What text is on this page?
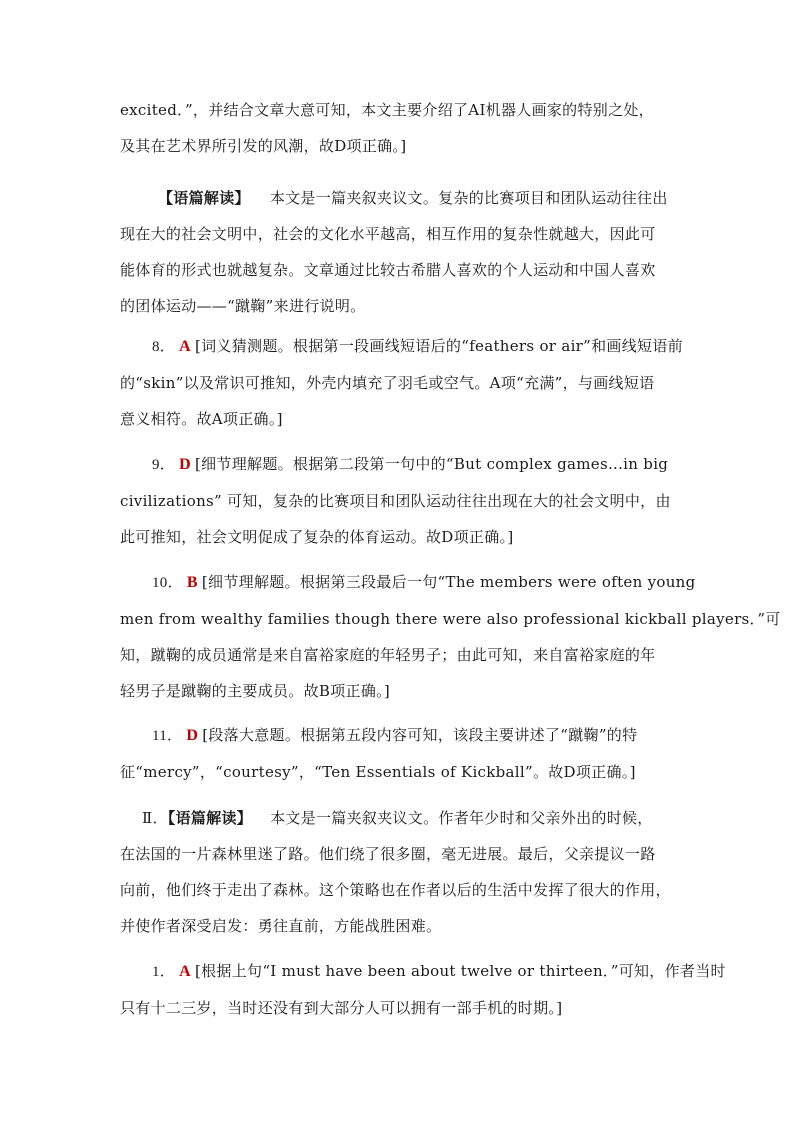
excited．”，并结合文章大意可知，本文主要介绍了AI机器人画家的特别之处，
及其在艺术界所引发的风潮，故D项正确。]
【语篇解读】 本文是一篇夹叙夹议文。复杂的比赛项目和团队运动往往出
现在大的社会文明中，社会的文化水平越高，相互作用的复杂性就越大，因此可
能体育的形式也就越复杂。文章通过比较古希腊人喜欢的个人运动和中国人喜欢
的团体运动——“蹴鞠”来进行说明。
8． A [词义猜测题。根据第一段画线短语后的“feathers or air”和画线短语前
的“skin”以及常识可推知，外壳内填充了羽毛或空气。A项“充满”，与画线短语
意义相符。故A项正确。]
9． D [细节理解题。根据第二段第一句中的“But complex games...in big
civilizations” 可知，复杂的比赛项目和团队运动往往出现在大的社会文明中，由
此可推知，社会文明促成了复杂的体育运动。故D项正确。]
10． B [细节理解题。根据第三段最后一句“The members were often young
men from wealthy families though there were also professional kickball players．”可
知，蹴鞠的成员通常是来自富裕家庭的年轻男子；由此可知，来自富裕家庭的年
轻男子是蹴鞠的主要成员。故B项正确。]
11． D [段落大意题。根据第五段内容可知，该段主要讲述了“蹴鞠”的特
征“mercy”，“courtesy”，“Ten Essentials of Kickball”。故D项正确。]
Ⅱ．【语篇解读】 本文是一篇夹叙夹议文。作者年少时和父亲外出的时候，
在法国的一片森林里迷了路。他们绕了很多圈，毫无进展。最后，父亲提议一路
向前，他们终于走出了森林。这个策略也在作者以后的生活中发挥了很大的作用，
并使作者深受启发：勇往直前，方能战胜困难。
1． A [根据上句“I must have been about twelve or thirteen．”可知，作者当时
只有十二三岁，当时还没有到大部分人可以拥有一部手机的时期。]
